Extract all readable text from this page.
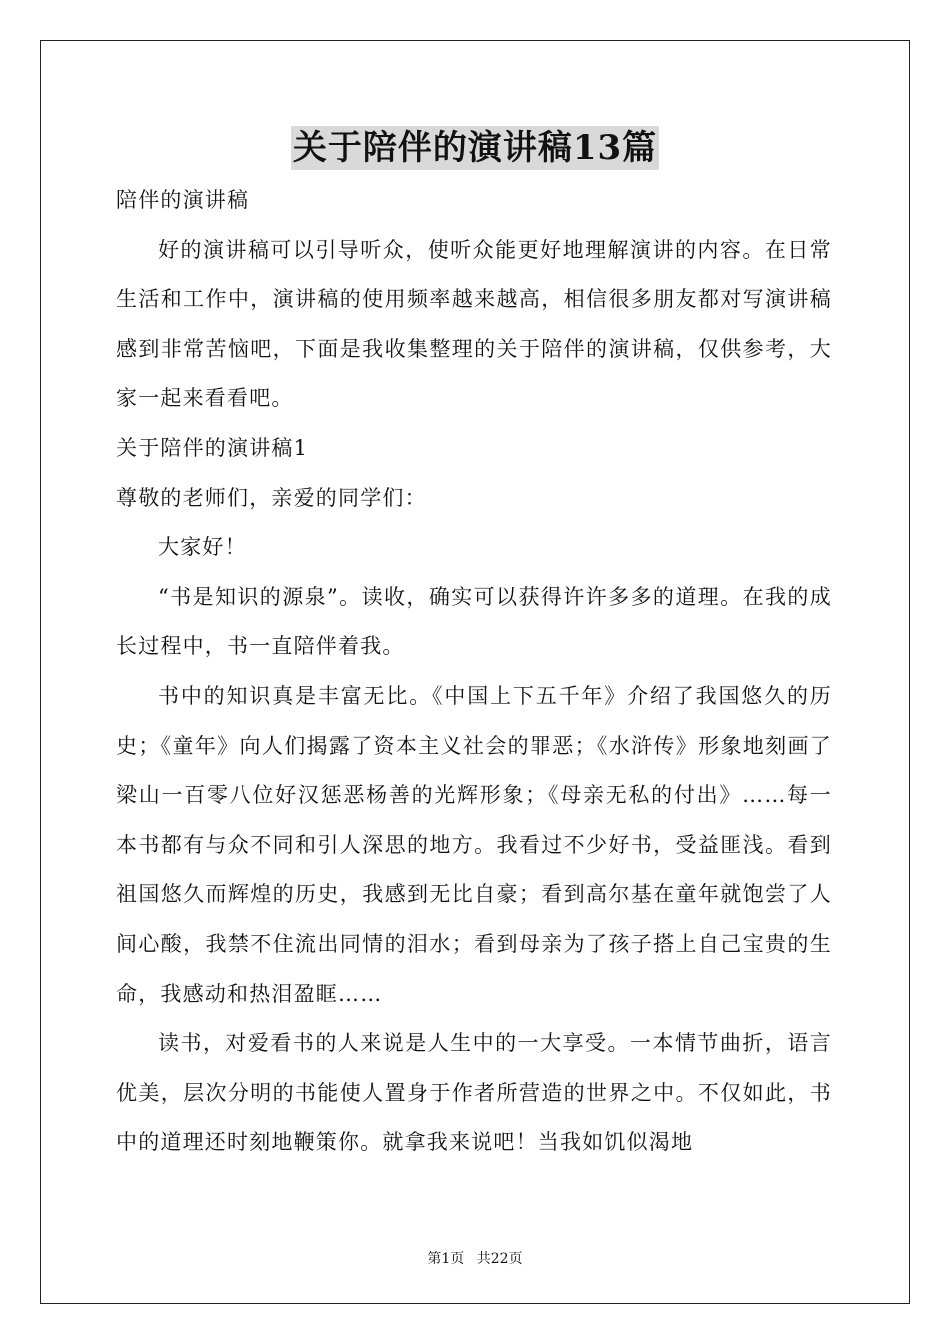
关于陪伴的演讲稿13篇

陪伴的演讲稿

好的演讲稿可以引导听众，使听众能更好地理解演讲的内容。在日常生活和工作中，演讲稿的使用频率越来越高，相信很多朋友都对写演讲稿感到非常苦恼吧，下面是我收集整理的关于陪伴的演讲稿，仅供参考，大家一起来看看吧。

关于陪伴的演讲稿1

尊敬的老师们，亲爱的同学们：

大家好！

“书是知识的源泉”。读收，确实可以获得许许多多的道理。在我的成长过程中，书一直陪伴着我。

书中的知识真是丰富无比。《中国上下五千年》介绍了我国悠久的历史；《童年》向人们揭露了资本主义社会的罪恶；《水浒传》形象地刻画了梁山一百零八位好汉惩恶杨善的光辉形象；《母亲无私的付出》……每一本书都有与众不同和引人深思的地方。我看过不少好书，受益匪浅。看到祖国悠久而辉煌的历史，我感到无比自豪；看到高尔基在童年就饱尝了人间心酸，我禁不住流出同情的泪水；看到母亲为了孩子搭上自己宝贵的生命，我感动和热泪盈眶……

读书，对爱看书的人来说是人生中的一大享受。一本情节曲折，语言优美，层次分明的书能使人置身于作者所营造的世界之中。不仅如此，书中的道理还时刻地鞭策你。就拿我来说吧！当我如饥似渴地

第1页 共22页
